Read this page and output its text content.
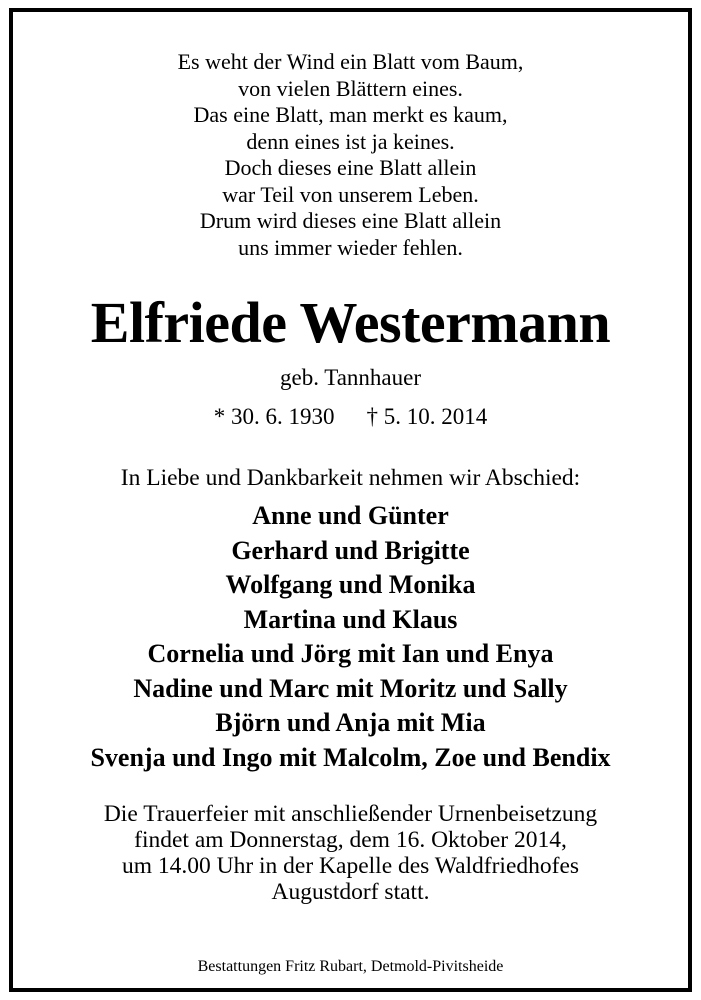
Es weht der Wind ein Blatt vom Baum,
von vielen Blättern eines.
Das eine Blatt, man merkt es kaum,
denn eines ist ja keines.
Doch dieses eine Blatt allein
war Teil von unserem Leben.
Drum wird dieses eine Blatt allein
uns immer wieder fehlen.
Elfriede Westermann
geb. Tannhauer
* 30. 6. 1930 † 5. 10. 2014
In Liebe und Dankbarkeit nehmen wir Abschied:
Anne und Günter
Gerhard und Brigitte
Wolfgang und Monika
Martina und Klaus
Cornelia und Jörg mit Ian und Enya
Nadine und Marc mit Moritz und Sally
Björn und Anja mit Mia
Svenja und Ingo mit Malcolm, Zoe und Bendix
Die Trauerfeier mit anschließender Urnenbeisetzung
findet am Donnerstag, dem 16. Oktober 2014,
um 14.00 Uhr in der Kapelle des Waldfriedhofes
Augustdorf statt.
Bestattungen Fritz Rubart, Detmold-Pivitsheide
